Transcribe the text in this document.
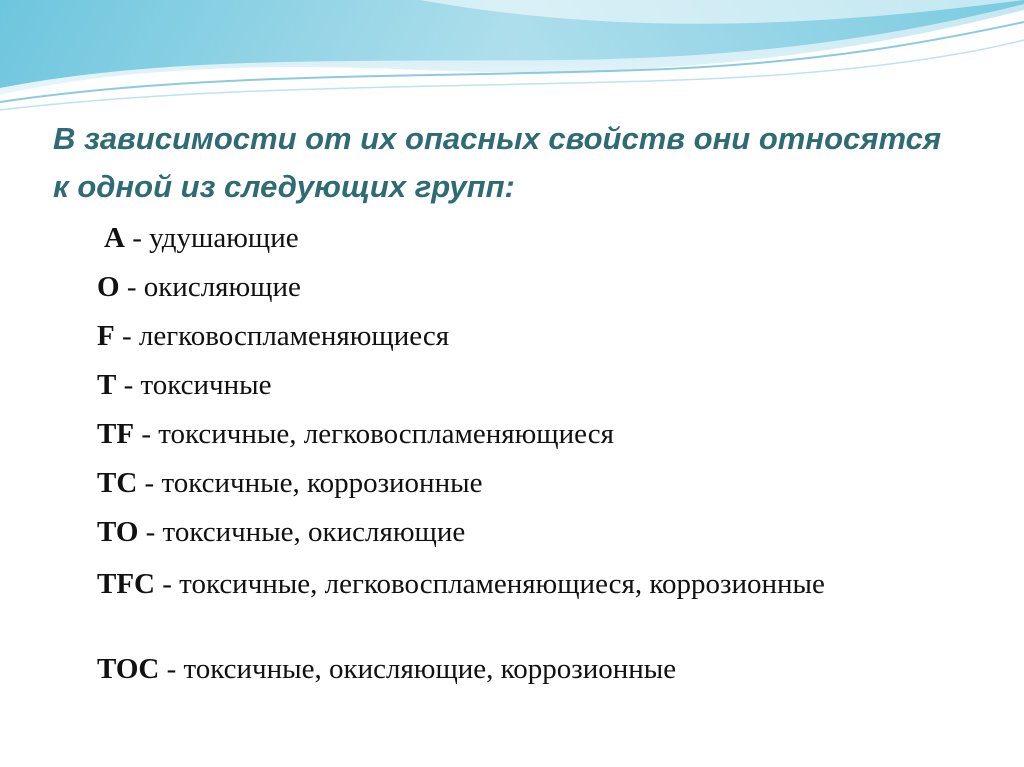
В зависимости от их опасных свойств они относятся к одной из следующих групп:
A - удушающие
O - окисляющие
F - легковоспламеняющиеся
T - токсичные
TF - токсичные, легковоспламеняющиеся
TC - токсичные, коррозионные
TO - токсичные, окисляющие
TFC - токсичные, легковоспламеняющиеся, коррозионные
TOC - токсичные, окисляющие, коррозионные
